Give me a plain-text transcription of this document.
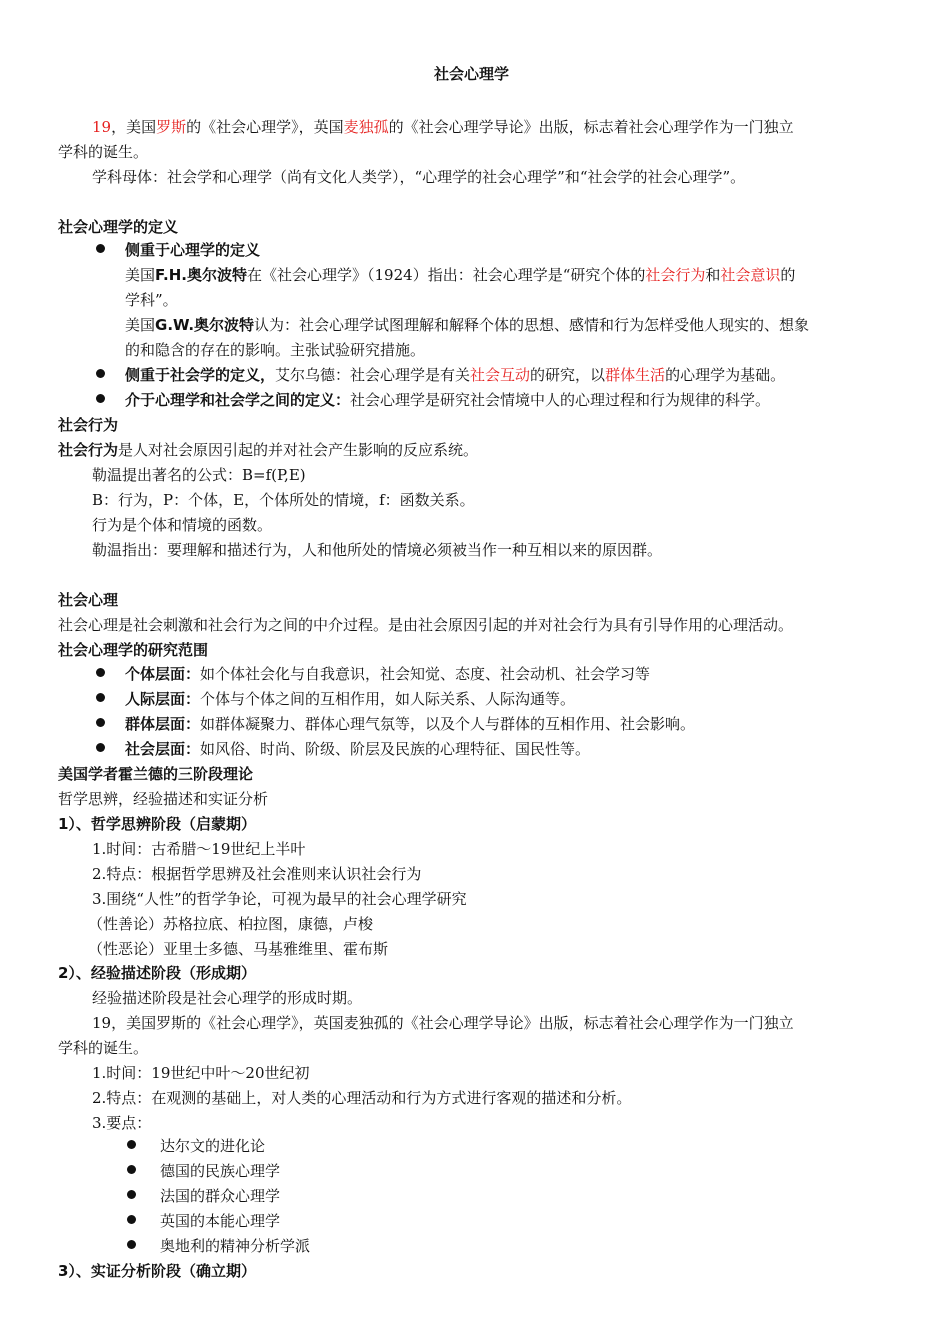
社会心理学
19，美国罗斯的《社会心理学》，英国麦独孤的《社会心理学导论》出版，标志着社会心理学作为一门独立
学科的诞生。
学科母体：社会学和心理学（尚有文化人类学），“心理学的社会心理学”和“社会学的社会心理学”。
社会心理学的定义
侧重于心理学的定义
美国F.H.奥尔波特在《社会心理学》（1924）指出：社会心理学是“研究个体的社会行为和社会意识的
学科”。
美国G.W.奥尔波特认为：社会心理学试图理解和解释个体的思想、感情和行为怎样受他人现实的、想象
的和隐含的存在的影响。主张试验研究措施。
侧重于社会学的定义，艾尔乌德：社会心理学是有关社会互动的研究，以群体生活的心理学为基础。
介于心理学和社会学之间的定义：社会心理学是研究社会情境中人的心理过程和行为规律的科学。
社会行为
社会行为是人对社会原因引起的并对社会产生影响的反应系统。
勒温提出著名的公式：B=f(P,E)
B：行为，P：个体，E，个体所处的情境，f：函数关系。
行为是个体和情境的函数。
勒温指出：要理解和描述行为，人和他所处的情境必须被当作一种互相以来的原因群。
社会心理
社会心理是社会刺激和社会行为之间的中介过程。是由社会原因引起的并对社会行为具有引导作用的心理活动。
社会心理学的研究范围
个体层面：如个体社会化与自我意识，社会知觉、态度、社会动机、社会学习等
人际层面：个体与个体之间的互相作用，如人际关系、人际沟通等。
群体层面：如群体凝聚力、群体心理气氛等，以及个人与群体的互相作用、社会影响。
社会层面：如风俗、时尚、阶级、阶层及民族的心理特征、国民性等。
美国学者霍兰德的三阶段理论
哲学思辨，经验描述和实证分析
1）、哲学思辨阶段（启蒙期）
1.时间：古希腊～19世纪上半叶
2.特点：根据哲学思辨及社会准则来认识社会行为
3.围绕“人性”的哲学争论，可视为最早的社会心理学研究
（性善论）苏格拉底、柏拉图，康德，卢梭
（性恶论）亚里士多德、马基雅维里、霍布斯
2）、经验描述阶段（形成期）
经验描述阶段是社会心理学的形成时期。
19，美国罗斯的《社会心理学》，英国麦独孤的《社会心理学导论》出版，标志着社会心理学作为一门独立
学科的诞生。
1.时间：19世纪中叶～20世纪初
2.特点：在观测的基础上，对人类的心理活动和行为方式进行客观的描述和分析。
3.要点：
达尔文的进化论
德国的民族心理学
法国的群众心理学
英国的本能心理学
奥地利的精神分析学派
3）、实证分析阶段（确立期）
